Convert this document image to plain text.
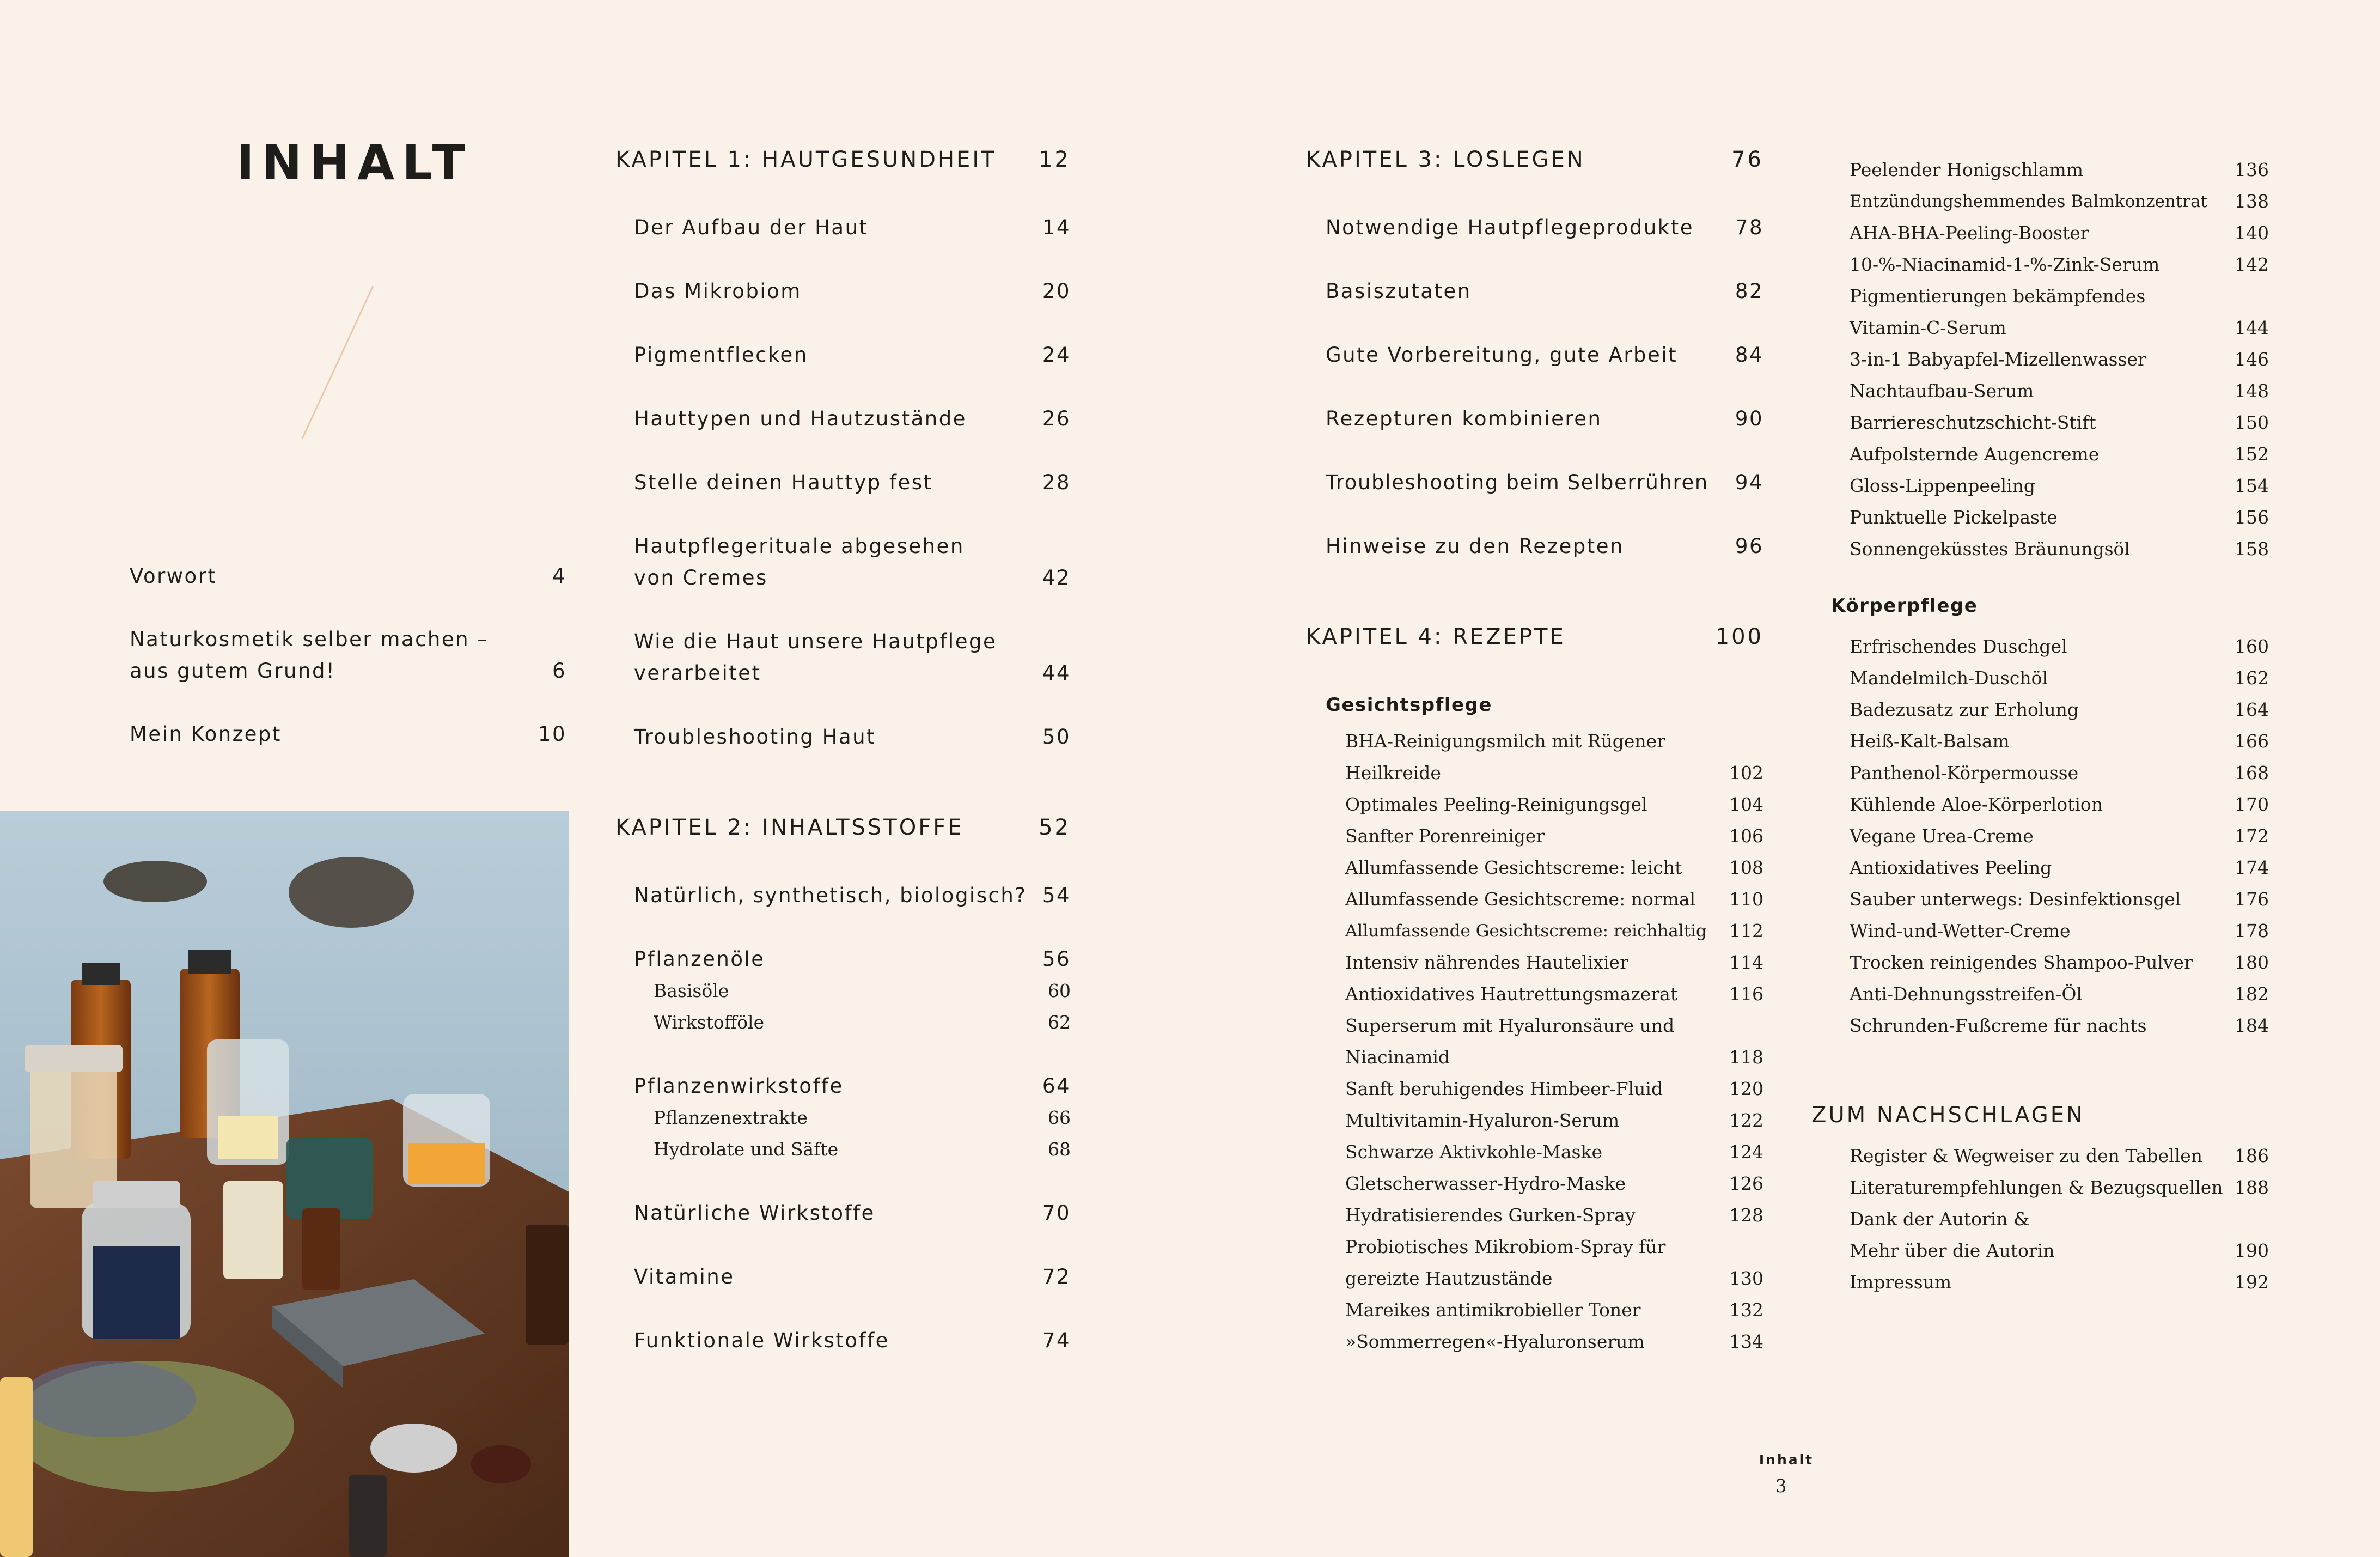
INHALT
Vorwort	4
Naturkosmetik selber machen –
aus gutem Grund!	6
Mein Konzept	10
KAPITEL 1: HAUTGESUNDHEIT 12
Der Aufbau der Haut	14
Das Mikrobiom	20
Pigmentflecken	24
Hauttypen und Hautzustände	26
Stelle deinen Hauttyp fest	28
Hautpflegerituale abgesehen
von Cremes	42
Wie die Haut unsere Hautpflege
verarbeitet	44
Troubleshooting Haut	50
KAPITEL 2: INHALTSSTOFFE	52
Natürlich, synthetisch, biologisch? 54
Pflanzenöle	56
Basisöle	60
Wirkstofföle	62
Pflanzenwirkstoffe	64
Pflanzenextrakte	66
Hydrolate und Säfte	68
Natürliche Wirkstoffe	70
Vitamine	72
Funktionale Wirkstoffe	74
KAPITEL 3: LOSLEGEN	76
Notwendige Hautpflegeprodukte 78
Basiszutaten	82
Gute Vorbereitung, gute Arbeit	84
Rezepturen kombinieren	90
Troubleshooting beim Selberrühren 94
Hinweise zu den Rezepten	96
KAPITEL 4: REZEPTE	100
Gesichtspflege
BHA-Reinigungsmilch mit Rügener
Heilkreide	102
Optimales Peeling-Reinigungsgel	104
Sanfter Porenreiniger	106
Allumfassende Gesichtscreme: leicht	108
Allumfassende Gesichtscreme: normal 110
Allumfassende Gesichtscreme: reichhaltig 112
Intensiv nährendes Hautelixier	114
Antioxidatives Hautrettungsmazerat	116
Superserum mit Hyaluronsäure und
Niacinamid	118
Sanft beruhigendes Himbeer-Fluid	120
Multivitamin-Hyaluron-Serum	122
Schwarze Aktivkohle-Maske	124
Gletscherwasser-Hydro-Maske	126
Hydratisierendes Gurken-Spray	128
Probiotisches Mikrobiom-Spray für
gereizte Hautzustände	130
Mareikes antimikrobieller Toner	132
»Sommerregen«-Hyaluronserum	134
Peelender Honigschlamm	136
Entzündungshemmendes Balmkonzentrat 138
AHA-BHA-Peeling-Booster	140
10-%-Niacinamid-1-%-Zink-Serum	142
Pigmentierungen bekämpfendes
Vitamin-C-Serum	144
3-in-1 Babyapfel-Mizellenwasser	146
Nachtaufbau-Serum	148
Barriereschutzschicht-Stift	150
Aufpolsternde Augencreme	152
Gloss-Lippenpeeling	154
Punktuelle Pickelpaste	156
Sonnengeküsstes Bräunungsöl	158
Körperpflege
Erfrischendes Duschgel	160
Mandelmilch-Duschöl	162
Badezusatz zur Erholung	164
Heiß-Kalt-Balsam	166
Panthenol-Körpermousse	168
Kühlende Aloe-Körperlotion	170
Vegane Urea-Creme	172
Antioxidatives Peeling	174
Sauber unterwegs: Desinfektionsgel	176
Wind-und-Wetter-Creme	178
Trocken reinigendes Shampoo-Pulver 180
Anti-Dehnungsstreifen-Öl	182
Schrunden-Fußcreme für nachts	184
ZUM NACHSCHLAGEN
Register & Wegweiser zu den Tabellen 186
Literaturempfehlungen & Bezugsquellen 188
Dank der Autorin &
Mehr über die Autorin	190
Impressum	192
Inhalt
3
